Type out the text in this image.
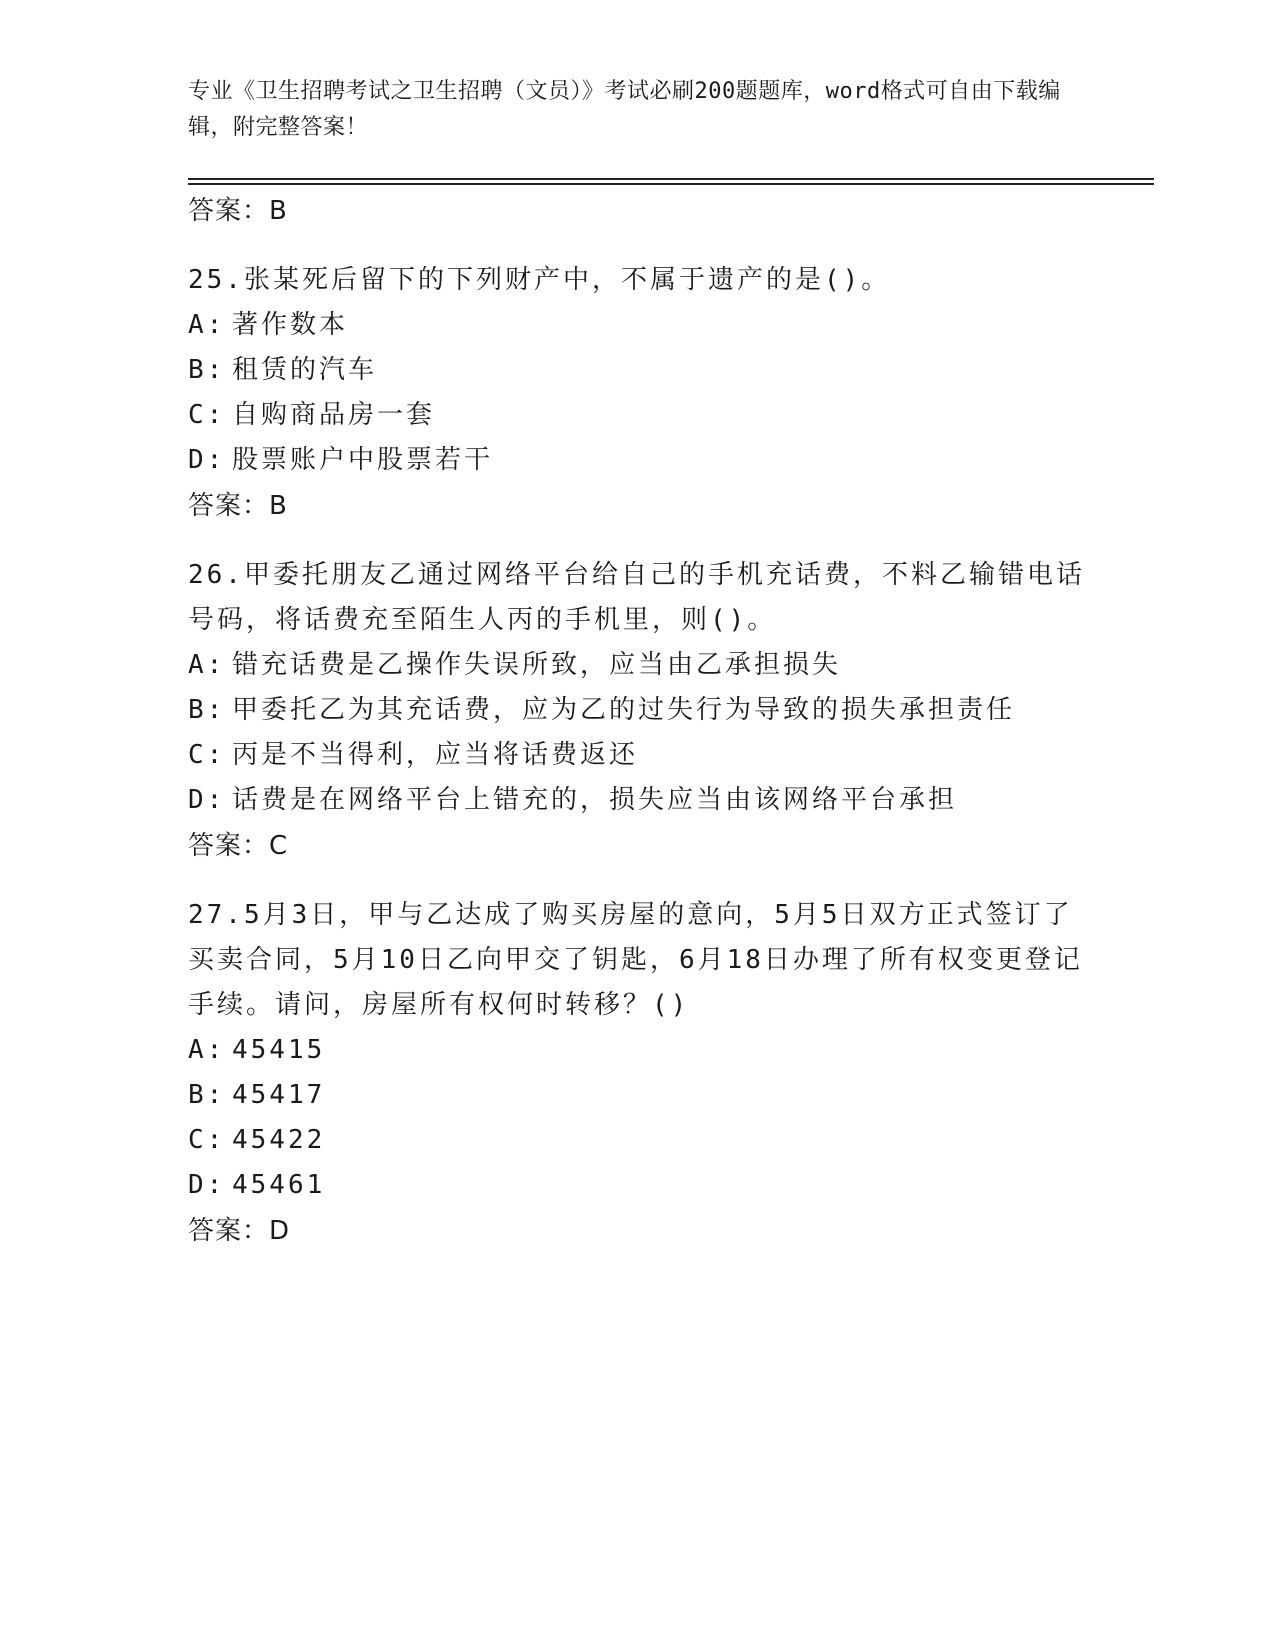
专业《卫生招聘考试之卫生招聘（文员）》考试必刷200题题库，word格式可自由下载编辑，附完整答案！
答案：B
25.张某死后留下的下列财产中，不属于遗产的是()。
A: 著作数本
B: 租赁的汽车
C: 自购商品房一套
D: 股票账户中股票若干
答案：B
26.甲委托朋友乙通过网络平台给自己的手机充话费，不料乙输错电话号码，将话费充至陌生人丙的手机里，则()。
A: 错充话费是乙操作失误所致，应当由乙承担损失
B: 甲委托乙为其充话费，应为乙的过失行为导致的损失承担责任
C: 丙是不当得利，应当将话费返还
D: 话费是在网络平台上错充的，损失应当由该网络平台承担
答案：C
27.5月3日，甲与乙达成了购买房屋的意向，5月5日双方正式签订了买卖合同，5月10日乙向甲交了钥匙，6月18日办理了所有权变更登记手续。请问，房屋所有权何时转移？()
A: 45415
B: 45417
C: 45422
D: 45461
答案：D
